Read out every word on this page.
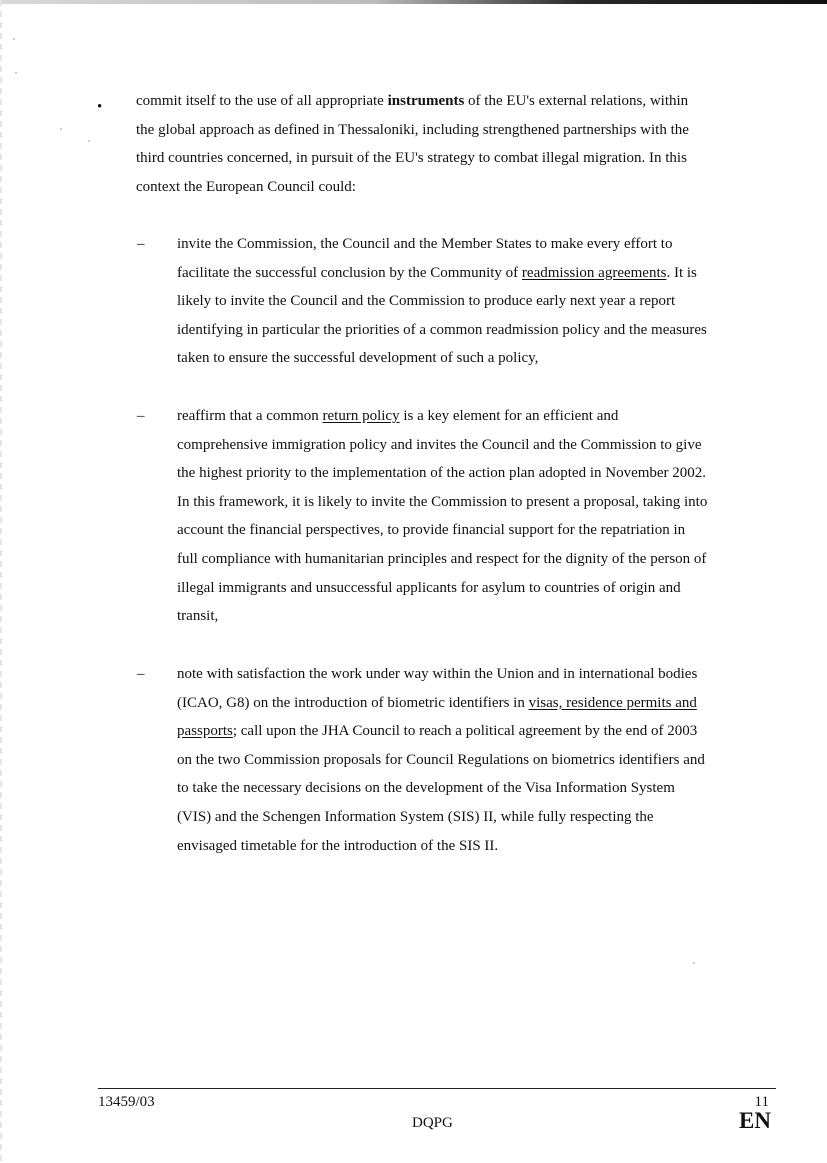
• commit itself to the use of all appropriate instruments of the EU's external relations, within
the global approach as defined in Thessaloniki, including strengthened partnerships with the
third countries concerned, in pursuit of the EU's strategy to combat illegal migration. In this
context the European Council could:
– invite the Commission, the Council and the Member States to make every effort to
facilitate the successful conclusion by the Community of readmission agreements. It is
likely to invite the Council and the Commission to produce early next year a report
identifying in particular the priorities of a common readmission policy and the measures
taken to ensure the successful development of such a policy,
– reaffirm that a common return policy is a key element for an efficient and
comprehensive immigration policy and invites the Council and the Commission to give
the highest priority to the implementation of the action plan adopted in November 2002.
In this framework, it is likely to invite the Commission to present a proposal, taking into
account the financial perspectives, to provide financial support for the repatriation in
full compliance with humanitarian principles and respect for the dignity of the person of
illegal immigrants and unsuccessful applicants for asylum to countries of origin and
transit,
– note with satisfaction the work under way within the Union and in international bodies
(ICAO, G8) on the introduction of biometric identifiers in visas, residence permits and
passports; call upon the JHA Council to reach a political agreement by the end of 2003
on the two Commission proposals for Council Regulations on biometrics identifiers and
to take the necessary decisions on the development of the Visa Information System
(VIS) and the Schengen Information System (SIS) II, while fully respecting the
envisaged timetable for the introduction of the SIS II.
13459/03
DQPG
11
EN
